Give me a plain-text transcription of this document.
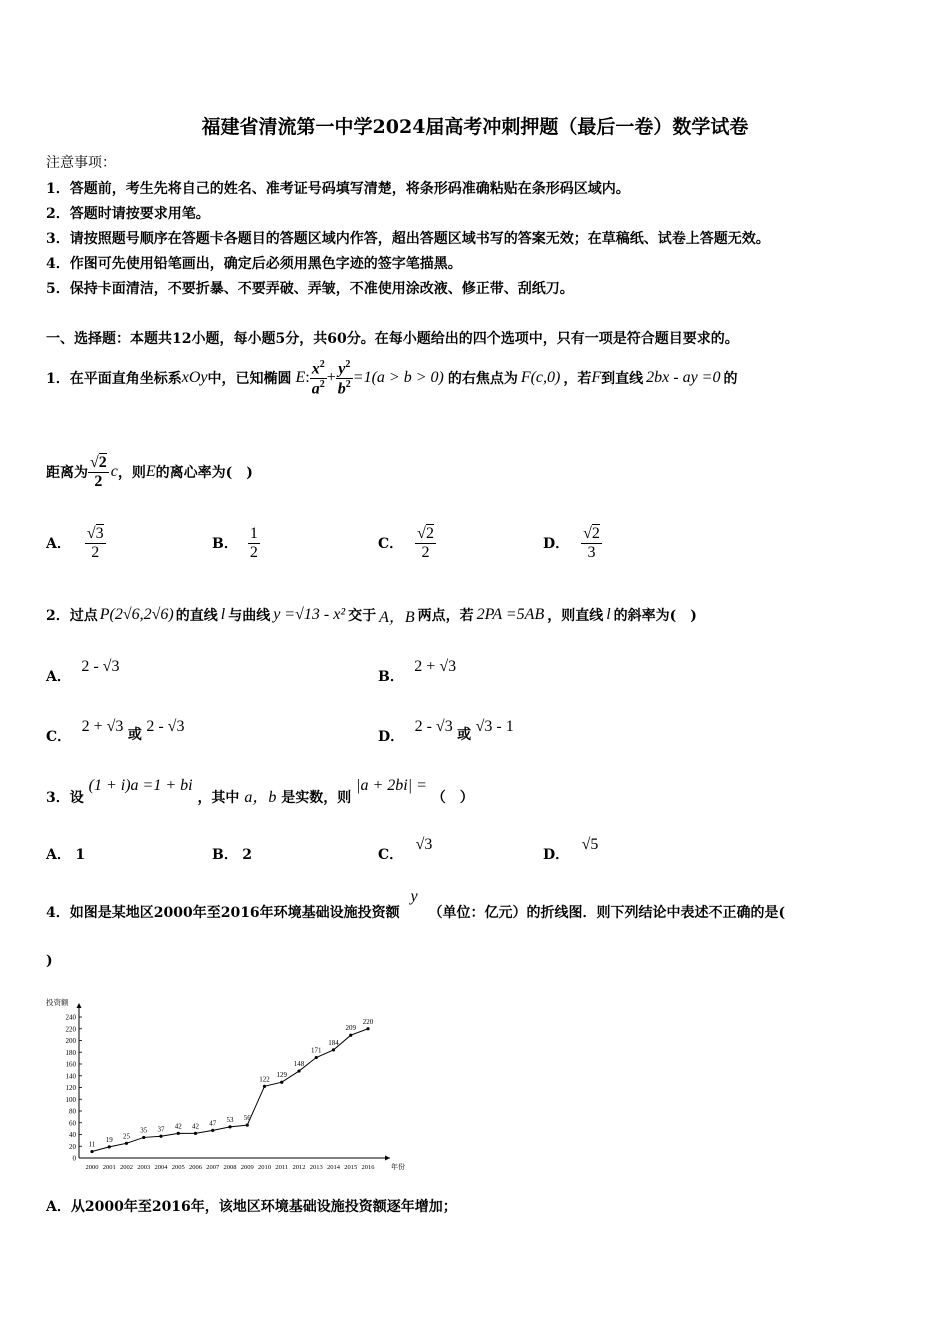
福建省清流第一中学2024届高考冲刺押题（最后一卷）数学试卷
注意事项：
1．答题前，考生先将自己的姓名、准考证号码填写清楚，将条形码准确粘贴在条形码区域内。
2．答题时请按要求用笔。
3．请按照题号顺序在答题卡各题目的答题区域内作答，超出答题区域书写的答案无效；在草稿纸、试卷上答题无效。
4．作图可先使用铅笔画出，确定后必须用黑色字迹的签字笔描黑。
5．保持卡面清洁，不要折暴、不要弄破、弄皱，不准使用涂改液、修正带、刮纸刀。
一、选择题：本题共12小题，每小题5分，共60分。在每小题给出的四个选项中，只有一项是符合题目要求的。
1．在平面直角坐标系 xOy 中，已知椭圆 E : $\frac{x^2}{a^2} + \frac{y^2}{b^2} =1(a > b > 0)$ 的右焦点为 F(c,0) ，若 F 到直线 2bx - ay =0 的
距离为 $\frac{√2}{2}$ c ，则 E 的离心率为(　)
A． $\frac{√3}{2}$	B． $\frac{1}{2}$	C． $\frac{√2}{2}$	D． $\frac{√2}{3}$
2．过点 P(2√6,2√6) 的直线 l 与曲线 y =√13 - x² 交于 A，B 两点，若 2PA =5AB ，则直线 l 的斜率为(　)
A． 2 - √3
B． 2 + √3
C． 2 + √3 或 2 - √3
D． 2 - √3 或 √3 - 1
3．设 (1 + i)a =1 + bi ，其中 a，b 是实数，则 |a + 2bi| = （　）
A． 1	B． 2	C． √3
D． √5
4．如图是某地区2000年至2016年环境基础设施投资额 y （单位：亿元）的折线图．则下列结论中表述不正确的是(
)
投资额
年份
0
20
40
60
80
100
120
140
160
180
200
220
240
2000 2001 2002 2003 2004 2005 2006 2007 2008 2009 2010 2011 2012 2013 2014 2015 2016
11
19 25
35 37 42 42 47 53 56
122
129
148
171
184
209
220
A．从2000年至2016年，该地区环境基础设施投资额逐年增加；
